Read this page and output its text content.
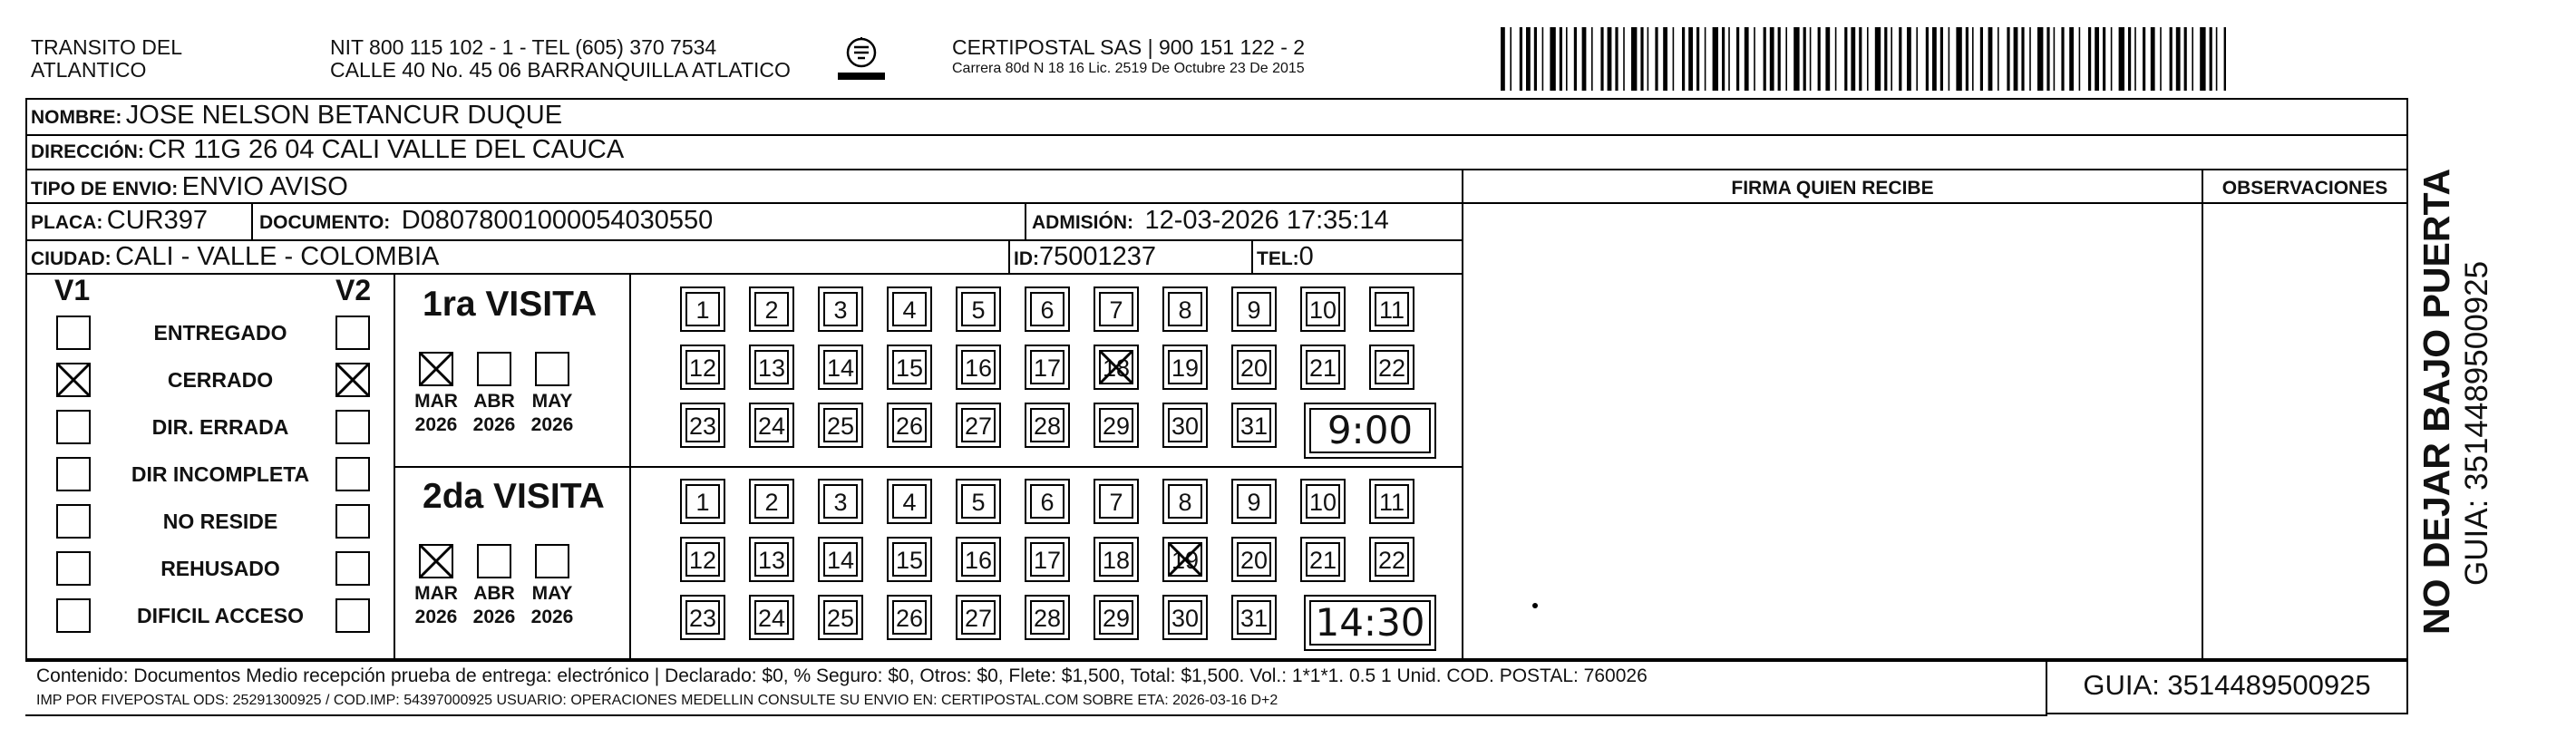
TRANSITO DEL
ATLANTICO
NIT 800 115 102 - 1 - TEL (605) 370 7534
CALLE 40 No. 45 06 BARRANQUILLA ATLATICO
CERTIPOSTAL SAS | 900 151 122 - 2
Carrera 80d N 18 16 Lic. 2519 De Octubre 23 De 2015
NOMBRE: JOSE NELSON BETANCUR DUQUE
DIRECCIÓN: CR 11G 26 04 CALI VALLE DEL CAUCA
TIPO DE ENVIO: ENVIO AVISO
PLACA: CUR397	DOCUMENTO: D08078001000054030550	ADMISIÓN: 12-03-2026 17:35:14
CIUDAD: CALI - VALLE - COLOMBIA	ID:75001237	TEL:0
FIRMA QUIEN RECIBE	OBSERVACIONES
V1	V2
ENTREGADO
CERRADO
DIR. ERRADA
DIR INCOMPLETA
NO RESIDE
REHUSADO
DIFICIL ACCESO
1ra VISITA
MAR
2026
ABR
2026
MAY
2026
1	2	3	4	5	6	7	8	9	10 11
12 13 14 15 16 17 18 19 20 21 22
23 24 25 26 27 28 29 30 31	9:00
2da VISITA
MAR
2026
ABR
2026
MAY
2026
1	2	3	4	5	6	7	8	9	10 11
12 13 14 15 16 17 18 19 20 21 22
23 24 25 26 27 28 29 30 31 14:30
Contenido: Documentos Medio recepción prueba de entrega: electrónico | Declarado: $0, % Seguro: $0, Otros: $0, Flete: $1,500, Total: $1,500. Vol.: 1*1*1. 0.5 1 Unid. COD. POSTAL: 760026
IMP POR FIVEPOSTAL ODS: 25291300925 / COD.IMP: 54397000925 USUARIO: OPERACIONES MEDELLIN CONSULTE SU ENVIO EN: CERTIPOSTAL.COM SOBRE ETA: 2026-03-16 D+2	GUIA: 3514489500925
NO DEJAR BAJO PUERTA GUIA: 3514489500925
